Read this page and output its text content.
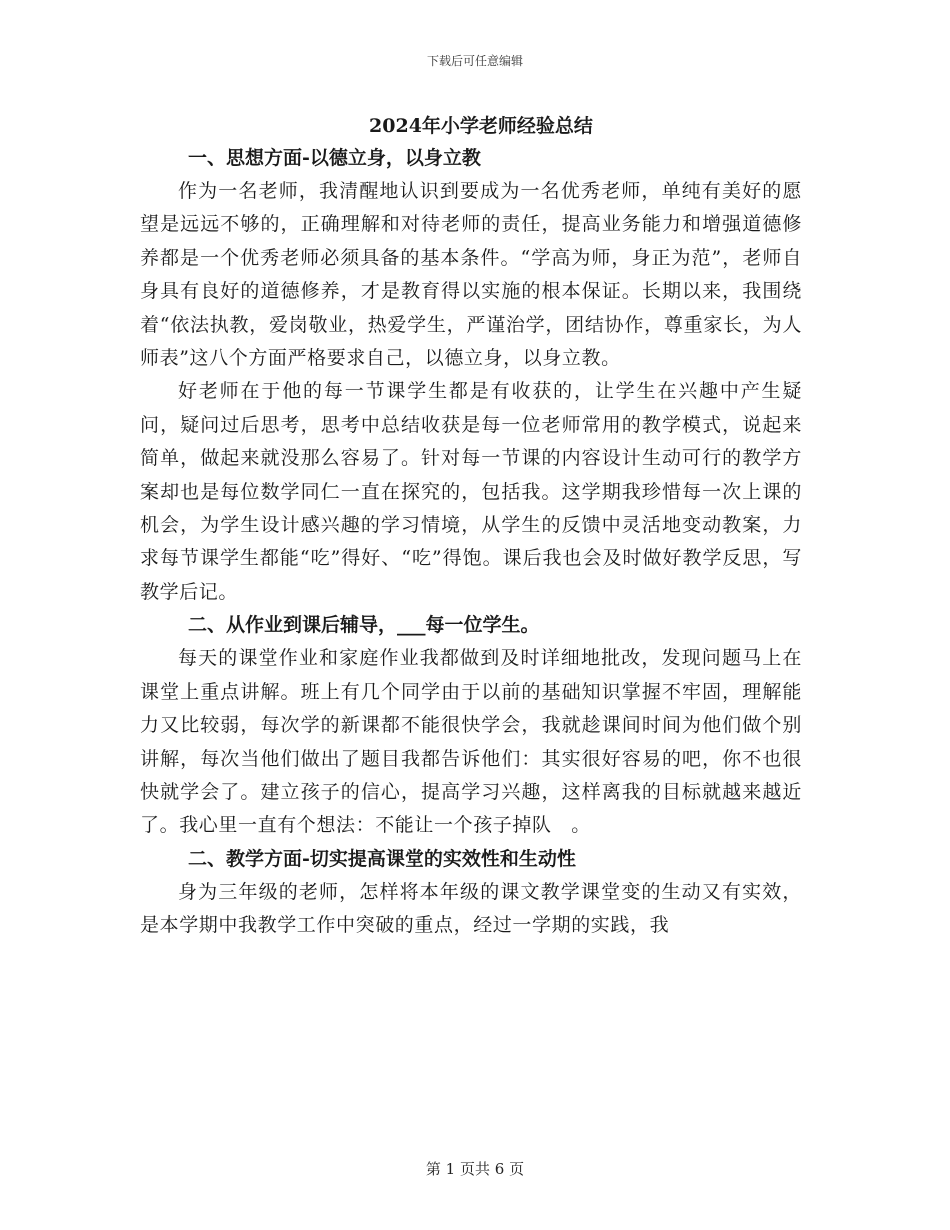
下载后可任意编辑
2024年小学老师经验总结
一、思想方面-以德立身，以身立教

作为一名老师，我清醒地认识到要成为一名优秀老师，单纯有美好的愿望是远远不够的，正确理解和对待老师的责任，提高业务能力和增强道德修养都是一个优秀老师必须具备的基本条件。“学高为师，身正为范”，老师自身具有良好的道德修养，才是教育得以实施的根本保证。长期以来，我围绕着“依法执教，爱岗敬业，热爱学生，严谨治学，团结协作，尊重家长，为人师表”这八个方面严格要求自己，以德立身，以身立教。

好老师在于他的每一节课学生都是有收获的，让学生在兴趣中产生疑问，疑问过后思考，思考中总结收获是每一位老师常用的教学模式，说起来简单，做起来就没那么容易了。针对每一节课的内容设计生动可行的教学方案却也是每位数学同仁一直在探究的，包括我。这学期我珍惜每一次上课的机会，为学生设计感兴趣的学习情境，从学生的反馈中灵活地变动教案，力求每节课学生都能“吃”得好、“吃”得饱。课后我也会及时做好教学反思，写教学后记。

二、从作业到课后辅导，___每一位学生。

每天的课堂作业和家庭作业我都做到及时详细地批改，发现问题马上在课堂上重点讲解。班上有几个同学由于以前的基础知识掌握不牢固，理解能力又比较弱，每次学的新课都不能很快学会，我就趁课间时间为他们做个别讲解，每次当他们做出了题目我都告诉他们：其实很好容易的吧，你不也很快就学会了。建立孩子的信心，提高学习兴趣，这样离我的目标就越来越近了。我心里一直有个想法：不能让一个孩子掉队　。

二、教学方面-切实提高课堂的实效性和生动性

身为三年级的老师，怎样将本年级的课文教学课堂变的生动又有实效，是本学期中我教学工作中突破的重点，经过一学期的实践，我

第 1 页共 6 页
